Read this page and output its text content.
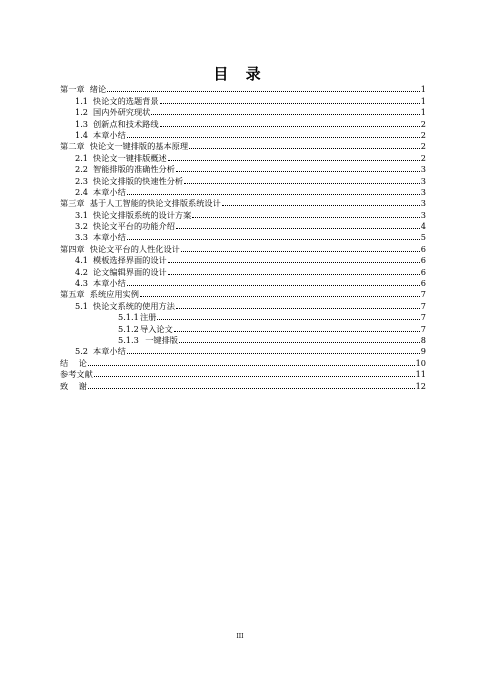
目 录
第一章  绪论	1
1.1 快论文的选题背景	1
1.2 国内外研究现状	1
1.3 创新点和技术路线	2
1.4 本章小结	2
第二章  快论文一键排版的基本原理	2
2.1 快论文一键排版概述	2
2.2 智能排版的准确性分析	3
2.3 快论文排版的快速性分析	3
2.4 本章小结	3
第三章  基于人工智能的快论文排版系统设计	3
3.1 快论文排版系统的设计方案	3
3.2 快论文平台的功能介绍	4
3.3 本章小结	5
第四章  快论文平台的人性化设计	6
4.1 模板选择界面的设计	6
4.2 论文编辑界面的设计	6
4.3 本章小结	6
第五章  系统应用实例	7
5.1 快论文系统的使用方法	7
5.1.1注册	7
5.1.2导入论文	7
5.1.3  一键排版	8
5.2 本章小结	9
结    论	10
参考文献	11
致    谢	12
III
